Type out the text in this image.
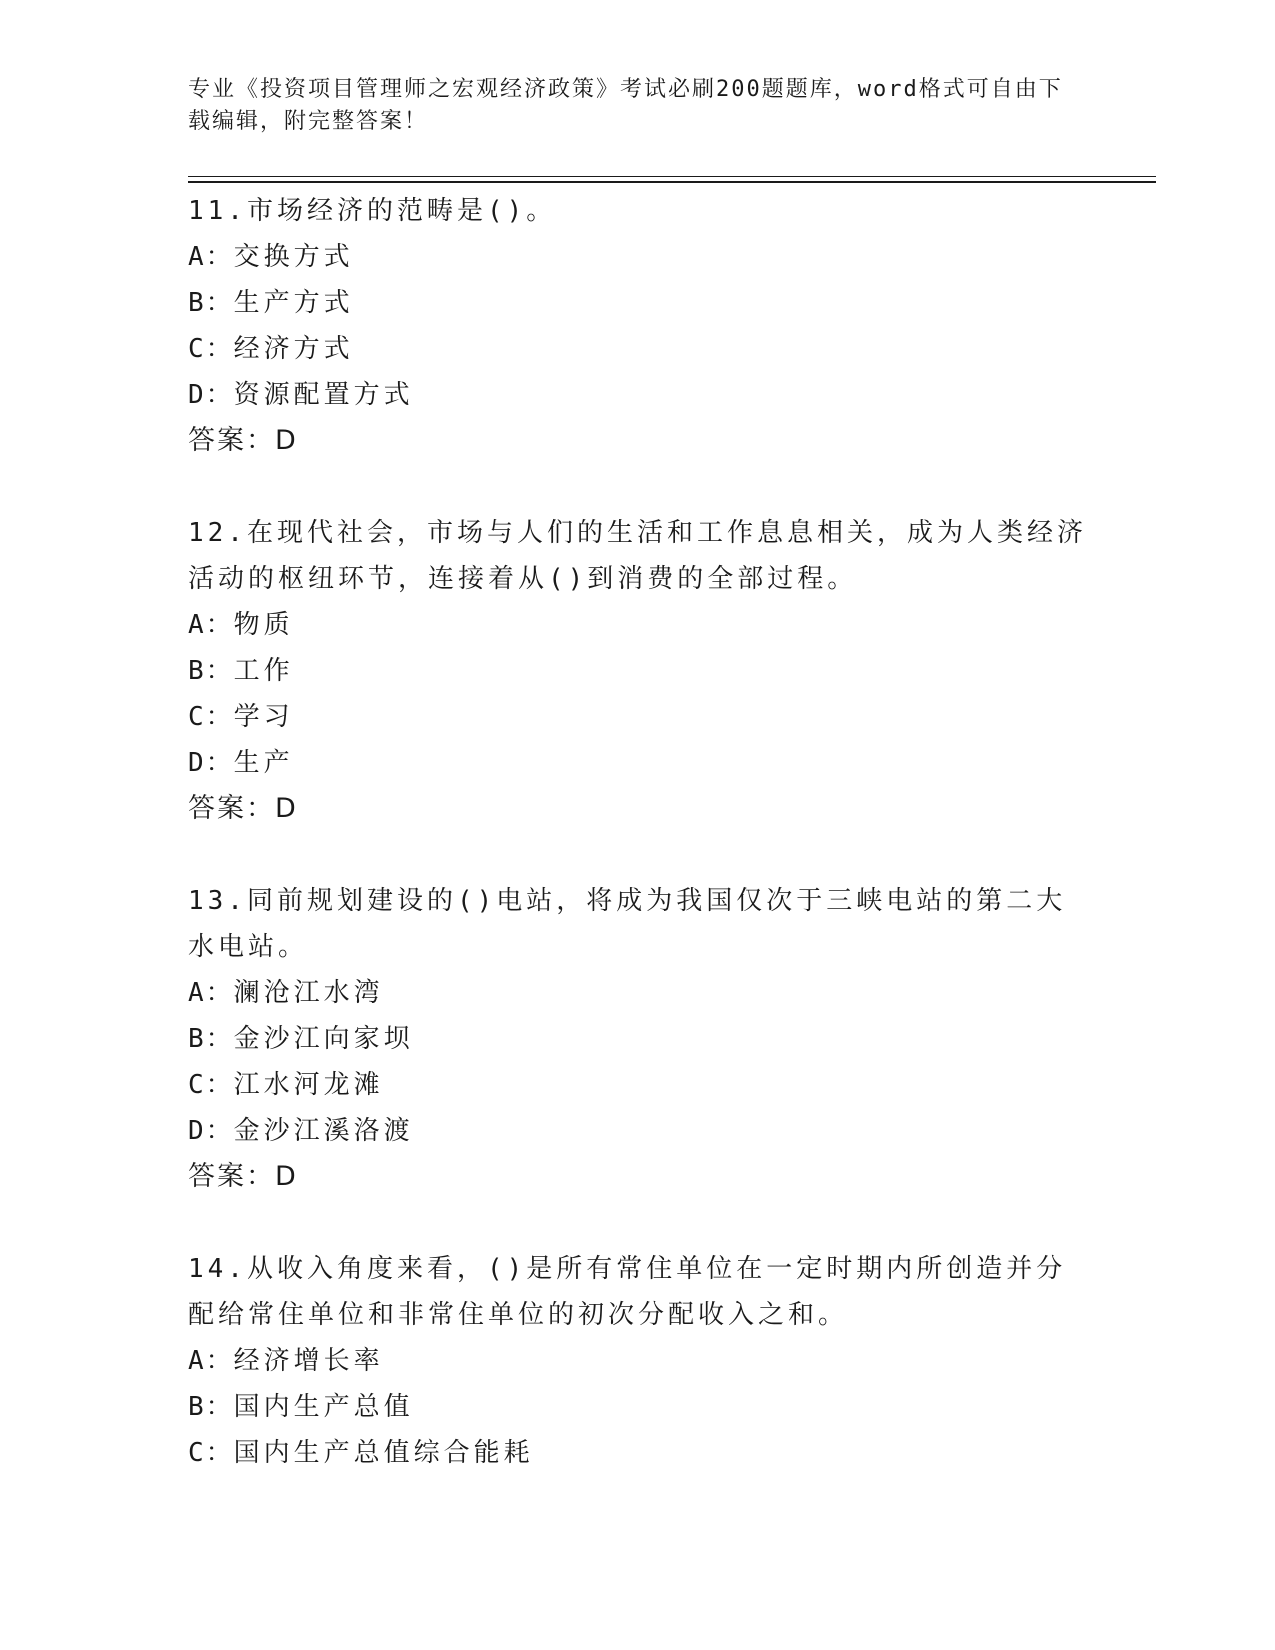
专业《投资项目管理师之宏观经济政策》考试必刷200题题库，word格式可自由下载编辑，附完整答案！
11.市场经济的范畴是()。
A：交换方式
B：生产方式
C：经济方式
D：资源配置方式
答案：D
12.在现代社会，市场与人们的生活和工作息息相关，成为人类经济活动的枢纽环节，连接着从()到消费的全部过程。
A：物质
B：工作
C：学习
D：生产
答案：D
13.同前规划建设的()电站，将成为我国仅次于三峡电站的第二大水电站。
A：澜沧江水湾
B：金沙江向家坝
C：江水河龙滩
D：金沙江溪洛渡
答案：D
14.从收入角度来看，()是所有常住单位在一定时期内所创造并分配给常住单位和非常住单位的初次分配收入之和。
A：经济增长率
B：国内生产总值
C：国内生产总值综合能耗
